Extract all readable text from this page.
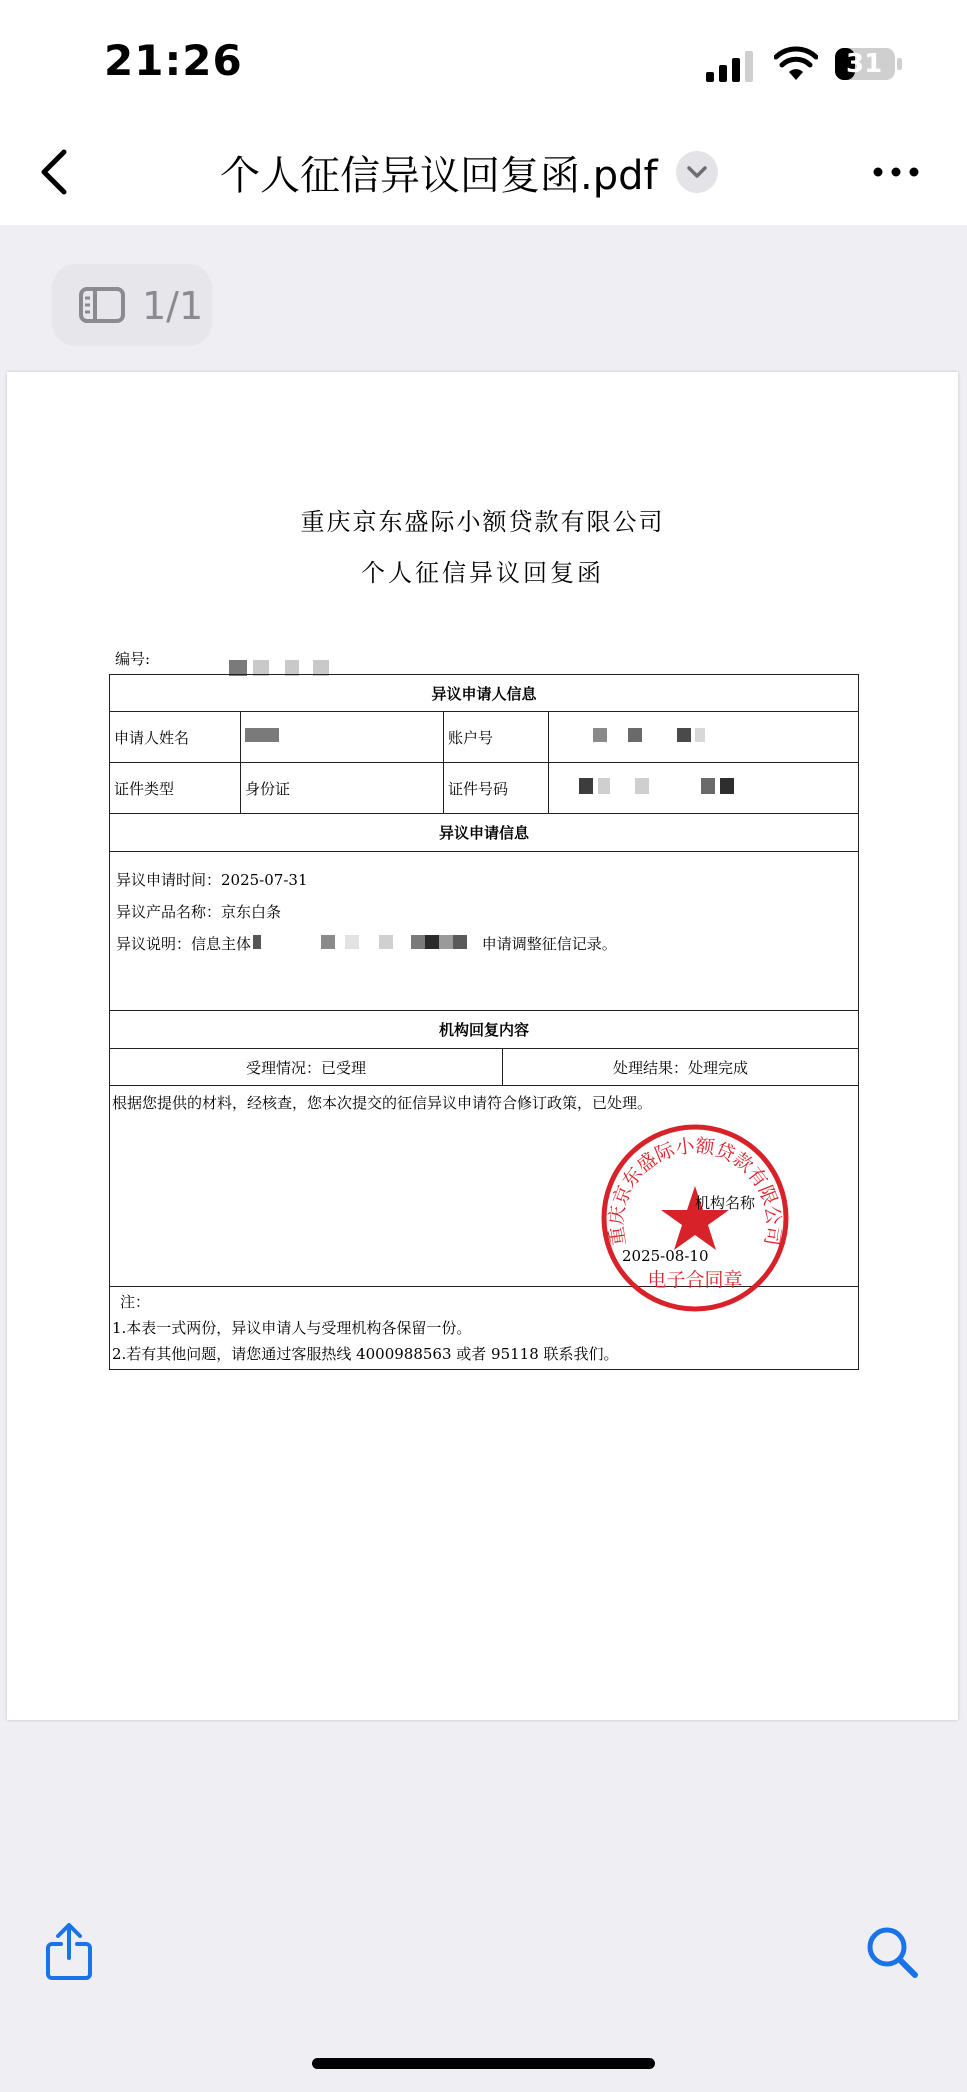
21:26	31
个人征信异议回复函.pdf
1/1
重庆京东盛际小额贷款有限公司
个人征信异议回复函
编号:
异议申请人信息				
申请人姓名		账户号		
证件类型	身份证	证件号码		
异议申请信息				

异议申请时间：2025-07-31
异议产品名称：京东白条
异议说明：信息主体 申请调整征信记录。				

机构回复内容				
受理情况：已受理			处理结果：处理完成	
根据您提供的材料，经核查，您本次提交的征信异议申请符合修订政策，已处理。				

注：
1.本表一式两份，异议申请人与受理机构各保留一份。
2.若有其他问题，请您通过客服热线 4000988563 或者 95118 联系我们。				
重庆京东盛际小额贷款有限公司
电子合同章
机构名称
2025-08-10
